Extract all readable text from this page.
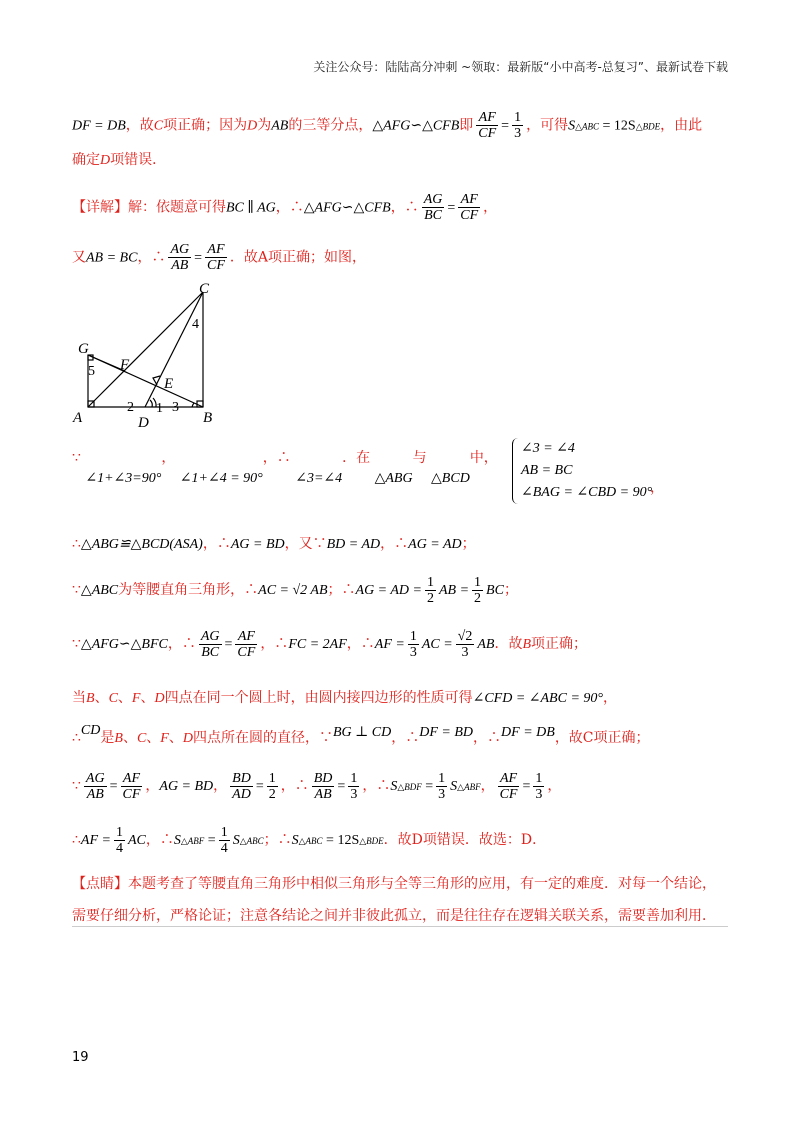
关注公众号：陆陆高分冲刺 ~领取：最新版“小中高考-总复习”、最新试卷下载
DF = DB，故C项正确；因为D为AB的三等分点，△AFG∽△CFB即 $\frac{AF}{CF} = \frac{1}{3}$ ，可得S△ABC = 12S△BDE，由此
确定D项错误．
【详解】解：依题意可得BC ∥ AG，∴△AFG∽△CFB，∴ $\frac{AG}{BC} = \frac{AF}{CF}$ ，
又AB = BC，∴ $\frac{AG}{AB} = \frac{AF}{CF}$ ．故A项正确；如图，
C
G
F
E
A	D	B
1
2	3
4
5
∵ ∠1+∠3=90°， ∠1+∠4 = 90°，∴ ∠3=∠4．在 △ABG与 △BCD中，
∠3 = ∠4
AB = BC
∠BAG = ∠CBD = 90°
，
∴△ABG≌△BCD(ASA)，∴AG = BD，又∵BD = AD，∴AG = AD；
∵△ABC为等腰直角三角形，∴AC = √2 AB；∴AG = AD = $\frac{1}{2}$ AB = $\frac{1}{2}$ BC；
∵△AFG∽△BFC，∴ $\frac{AG}{BC} = \frac{AF}{CF}$ ，∴FC = 2AF，∴AF = $\frac{1}{3}$ AC = $\frac{√2}{3}$ AB．故B项正确；
当B、C、F、D四点在同一个圆上时，由圆内接四边形的性质可得∠CFD = ∠ABC = 90°，
∴CD是B、C、F、D四点所在圆的直径，∵BG ⊥ CD，∴DF = BD，∴DF = DB，故C项正确；
∵ $\frac{AG}{AB} = \frac{AF}{CF}$ ，AG = BD， $\frac{BD}{AD} = \frac{1}{2}$ ，∴ $\frac{BD}{AB} = \frac{1}{3}$ ，∴S△BDF = $\frac{1}{3}$ S△ABF， $\frac{AF}{CF} = \frac{1}{3}$ ，
∴AF = $\frac{1}{4}$ AC，∴S△ABF = $\frac{1}{4}$ S△ABC；∴S△ABC = 12S△BDE．故D项错误．故选：D．
【点睛】本题考查了等腰直角三角形中相似三角形与全等三角形的应用，有一定的难度．对每一个结论，
需要仔细分析，严格论证；注意各结论之间并非彼此孤立，而是往往存在逻辑关联关系，需要善加利用．
19
